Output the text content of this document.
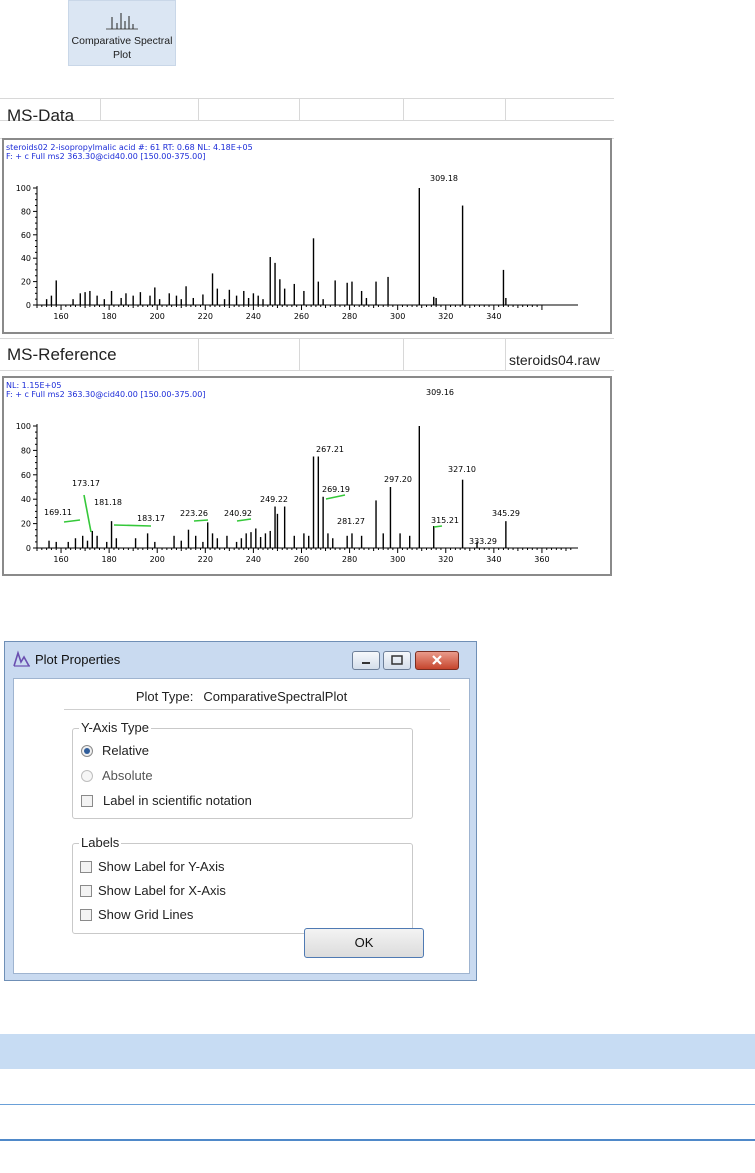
Comparative Spectral
Plot
MS-Data
MS-Reference	steroids04.raw
steroids02 2-isopropylmalic acid #: 61 RT: 0.68 NL: 4.18E+05
F: + c Full ms2 363.30@cid40.00 [150.00-375.00]
309.18
0
20
40
60
80
100
160	180	200	220	240	260	280	300	320	340
NL: 1.15E+05
F: + c Full ms2 363.30@cid40.00 [150.00-375.00]
169.11
173.17
181.18
183.17
223.26 240.92
249.22
267.21
269.19
281.27
297.20
309.16
315.21
327.10
333.29
345.29
0
20
40
60
80
100
160	180	200	220	240	260	280	300	320	340	360
Plot Properties
Plot Type: ComparativeSpectralPlot
Y-Axis Type
Relative
Absolute
Label in scientific notation
Labels
Show Label for Y-Axis
Show Label for X-Axis
Show Grid Lines
OK
